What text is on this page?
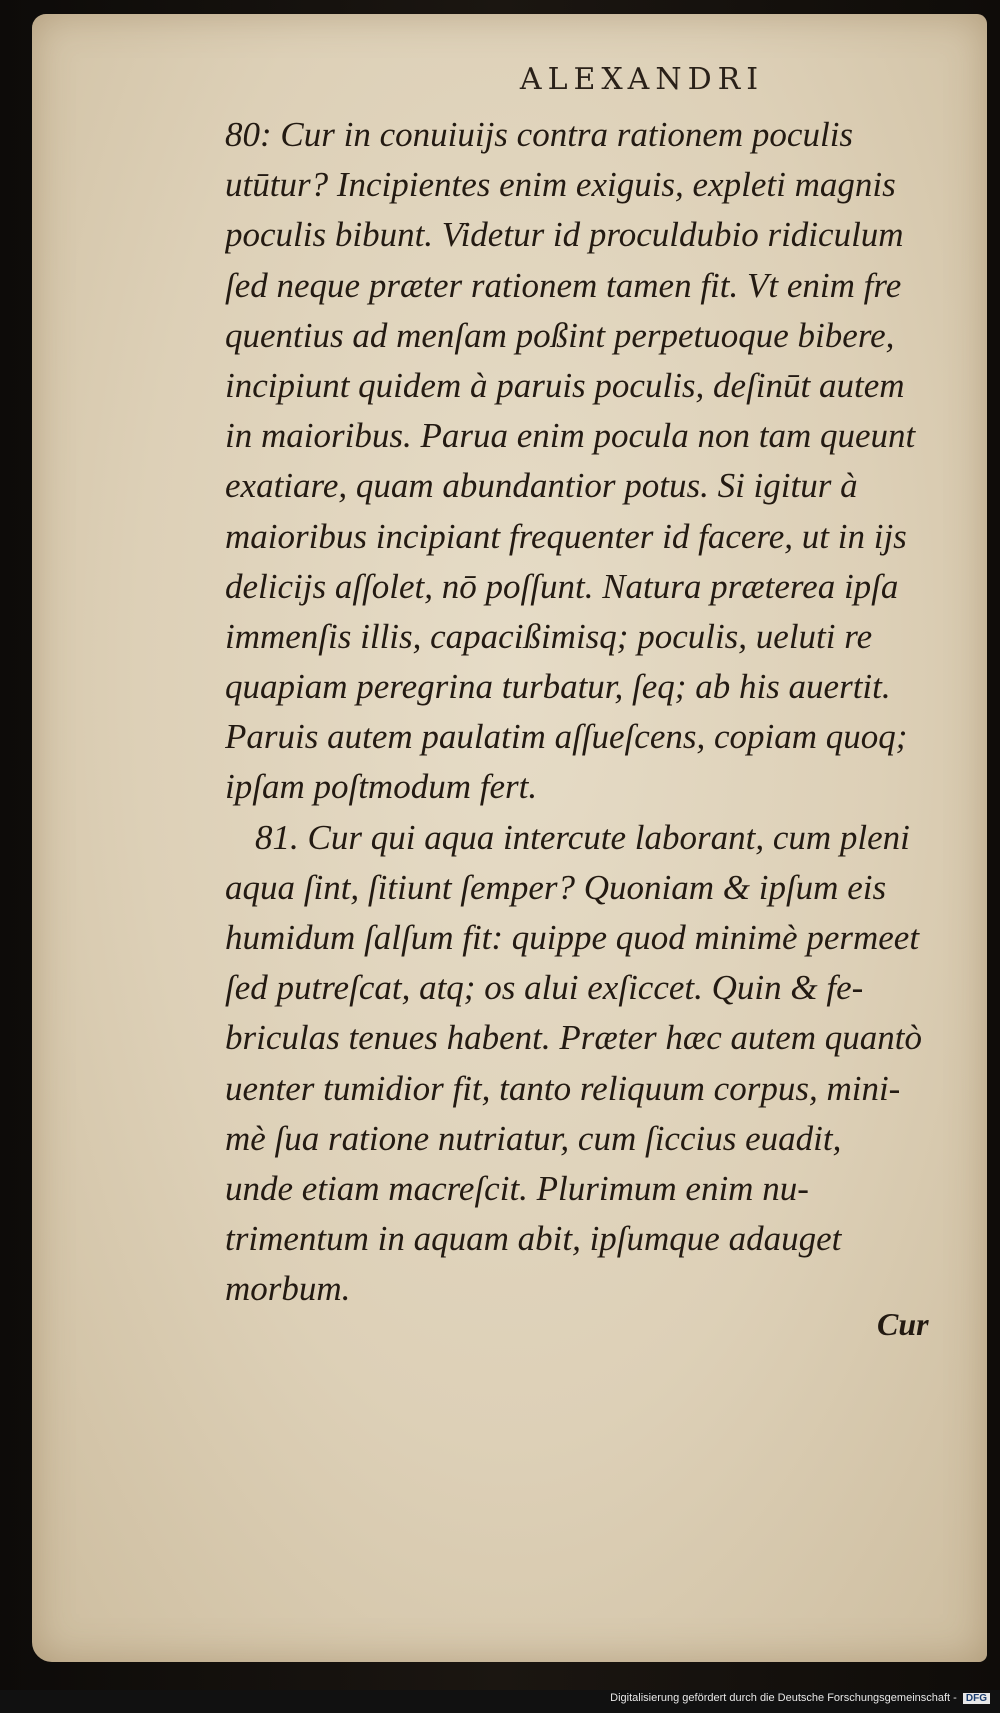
ALEXANDRI
80: Cur in conuiuijs contra rationem poculis
utūtur? Incipientes enim exiguis, expleti magnis
poculis bibunt. Videtur id proculdubio ridiculum
ſed neque præter rationem tamen fit. Vt enim fre
quentius ad menſam poßint perpetuoque bibere,
incipiunt quidem à paruis poculis, deſinūt autem
in maioribus. Parua enim pocula non tam queunt
exatiare, quam abundantior potus. Si igitur à
maioribus incipiant frequenter id facere, ut in ijs
delicijs aſſolet, nō poſſunt. Natura præterea ipſa
immenſis illis, capacißimisq; poculis, ueluti re
quapiam peregrina turbatur, ſeq; ab his auertit.
Paruis autem paulatim aſſueſcens, copiam quoq;
ipſam poſtmodum fert.
81. Cur qui aqua intercute laborant, cum pleni
aqua ſint, ſitiunt ſemper? Quoniam & ipſum eis
humidum ſalſum fit: quippe quod minimè permeet
ſed putreſcat, atq; os alui exſiccet. Quin & fe-
briculas tenues habent. Præter hæc autem quantò
uenter tumidior fit, tanto reliquum corpus, mini-
mè ſua ratione nutriatur, cum ſiccius euadit,
unde etiam macreſcit. Plurimum enim nu-
trimentum in aquam abit, ipſumque adauget
morbum.
Cur
Digitalisierung gefördert durch die Deutsche Forschungsgemeinschaft - DFG
